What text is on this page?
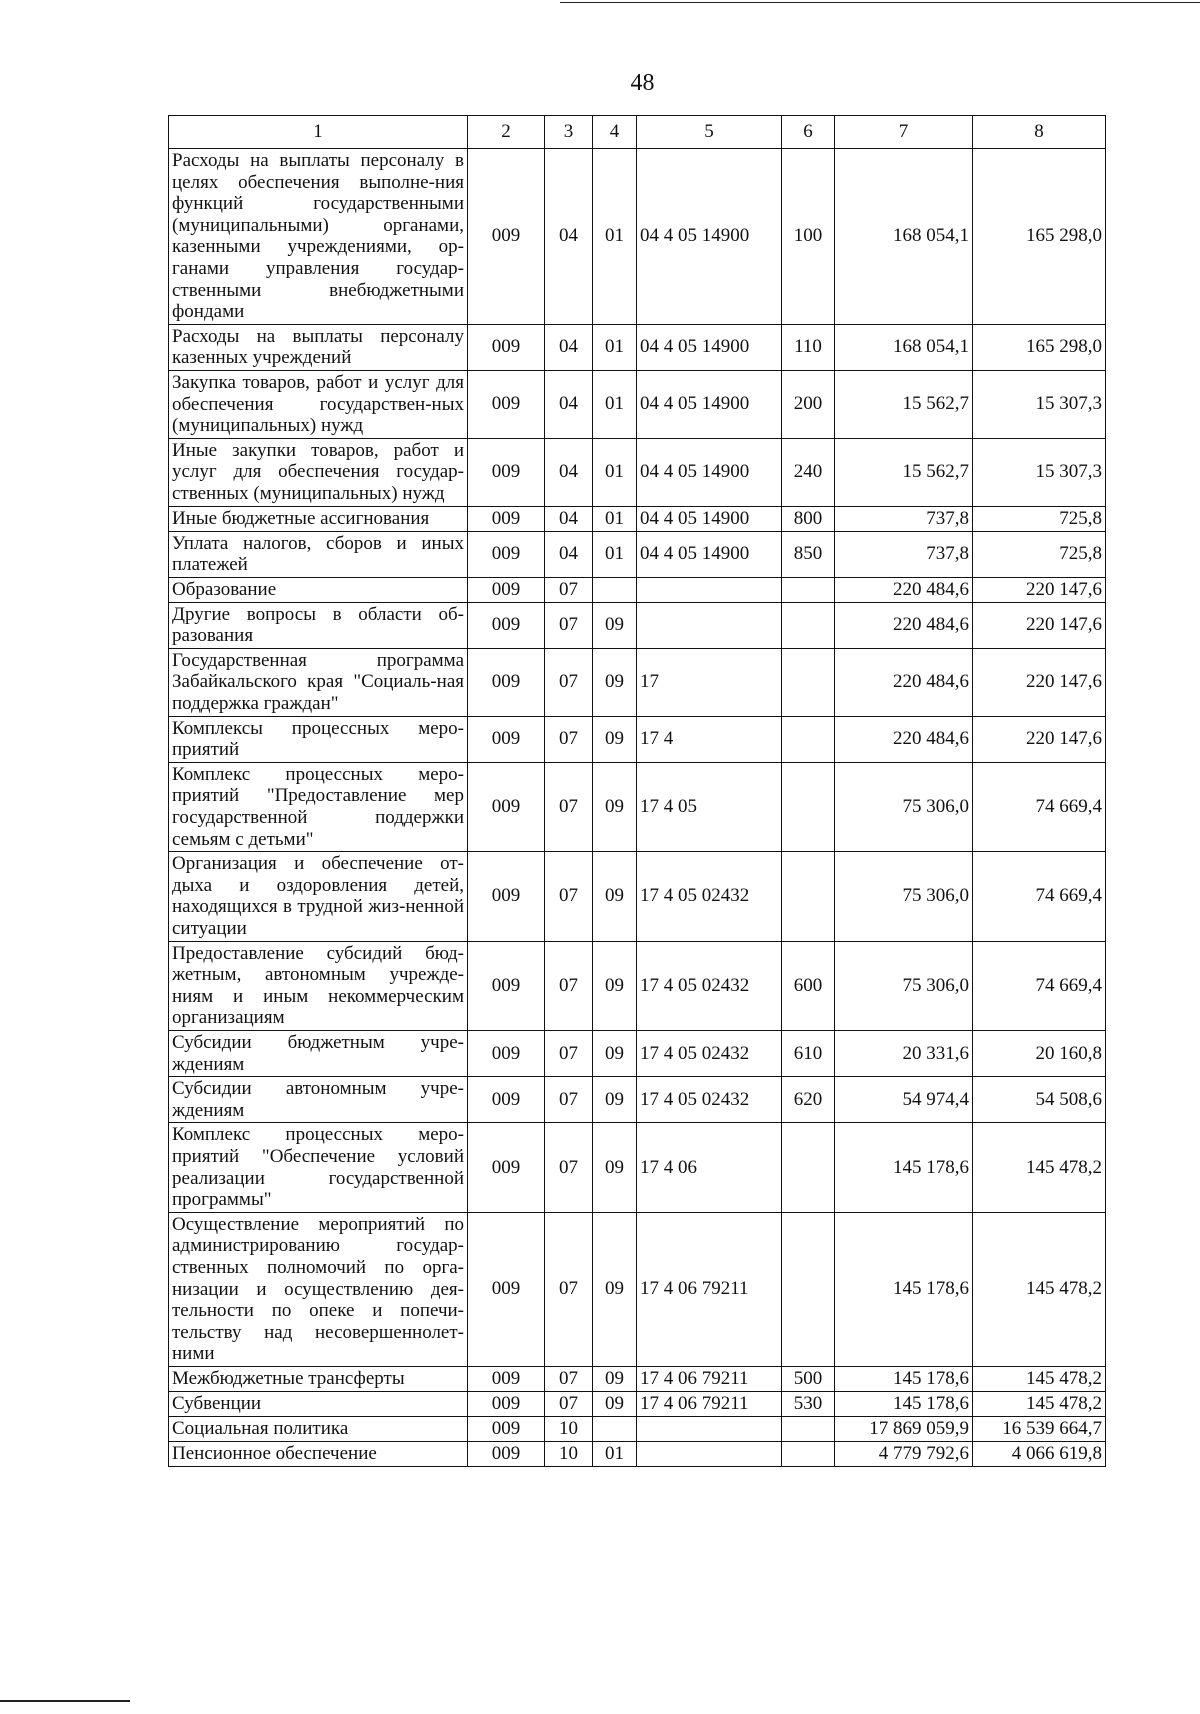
48
1	2	3	4	5	6	7	8
Расходы на выплаты персоналу в целях обеспечения выполне-ния функций государственными (муниципальными) органами, казенными учреждениями, ор-ганами управления государ-ственными внебюджетными фондами	009	04	01	04 4 05 14900	100	168 054,1	165 298,0
Расходы на выплаты персоналу казенных учреждений	009	04	01	04 4 05 14900	110	168 054,1	165 298,0
Закупка товаров, работ и услуг для обеспечения государствен-ных (муниципальных) нужд	009	04	01	04 4 05 14900	200	15 562,7	15 307,3
Иные закупки товаров, работ и услуг для обеспечения государ-ственных (муниципальных) нужд	009	04	01	04 4 05 14900	240	15 562,7	15 307,3
Иные бюджетные ассигнования	009	04	01	04 4 05 14900	800	737,8	725,8
Уплата налогов, сборов и иных платежей	009	04	01	04 4 05 14900	850	737,8	725,8
Образование	009	07				220 484,6	220 147,6
Другие вопросы в области об-разования	009	07	09			220 484,6	220 147,6
Государственная программа Забайкальского края "Социаль-ная поддержка граждан"	009	07	09	17		220 484,6	220 147,6
Комплексы процессных меро-приятий	009	07	09	17 4		220 484,6	220 147,6
Комплекс процессных меро-приятий "Предоставление мер государственной поддержки семьям с детьми"	009	07	09	17 4 05		75 306,0	74 669,4
Организация и обеспечение от-дыха и оздоровления детей, находящихся в трудной жиз-ненной ситуации	009	07	09	17 4 05 02432		75 306,0	74 669,4
Предоставление субсидий бюд-жетным, автономным учрежде-ниям и иным некоммерческим организациям	009	07	09	17 4 05 02432	600	75 306,0	74 669,4
Субсидии бюджетным учре-ждениям	009	07	09	17 4 05 02432	610	20 331,6	20 160,8
Субсидии автономным учре-ждениям	009	07	09	17 4 05 02432	620	54 974,4	54 508,6
Комплекс процессных меро-приятий "Обеспечение условий реализации государственной программы"	009	07	09	17 4 06		145 178,6	145 478,2
Осуществление мероприятий по администрированию государ-ственных полномочий по орга-низации и осуществлению дея-тельности по опеке и попечи-тельству над несовершеннолет-ними	009	07	09	17 4 06 79211		145 178,6	145 478,2
Межбюджетные трансферты	009	07	09	17 4 06 79211	500	145 178,6	145 478,2
Субвенции	009	07	09	17 4 06 79211	530	145 178,6	145 478,2
Социальная политика	009	10				17 869 059,9	16 539 664,7
Пенсионное обеспечение	009	10	01			4 779 792,6	4 066 619,8
